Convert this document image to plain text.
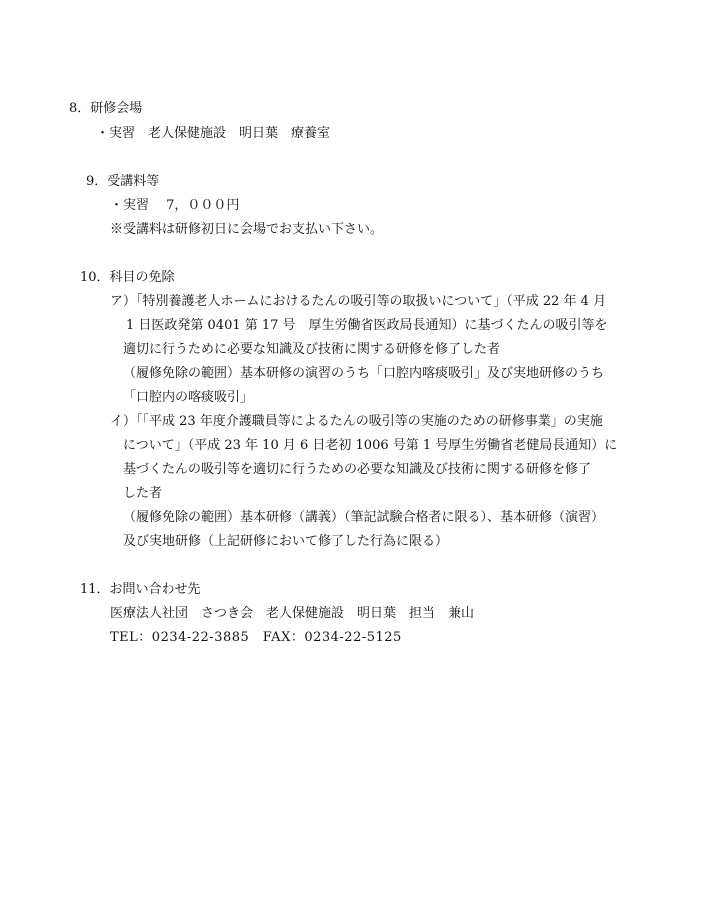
8．研修会場
・実習　老人保健施設　明日葉　療養室
9．受講料等
・実習　 7，０００円
※受講料は研修初日に会場でお支払い下さい。
10．科目の免除
ア）「特別養護老人ホームにおけるたんの吸引等の取扱いについて」（平成 22 年 4 月
1 日医政発第 0401 第 17 号　厚生労働省医政局長通知）に基づくたんの吸引等を
適切に行うために必要な知識及び技術に関する研修を修了した者
（履修免除の範囲）基本研修の演習のうち「口腔内喀痰吸引」及び実地研修のうち
「口腔内の喀痰吸引」
イ）「「平成 23 年度介護職員等によるたんの吸引等の実施のための研修事業」の実施
について」（平成 23 年 10 月 6 日老初 1006 号第 1 号厚生労働省老健局長通知）に
基づくたんの吸引等を適切に行うための必要な知識及び技術に関する研修を修了
した者
（履修免除の範囲）基本研修（講義）（筆記試験合格者に限る）、基本研修（演習）
及び実地研修（上記研修において修了した行為に限る）
11．お問い合わせ先
医療法人社団　さつき会　老人保健施設　明日葉　担当　兼山
TEL：0234-22-3885　FAX：0234-22-5125
